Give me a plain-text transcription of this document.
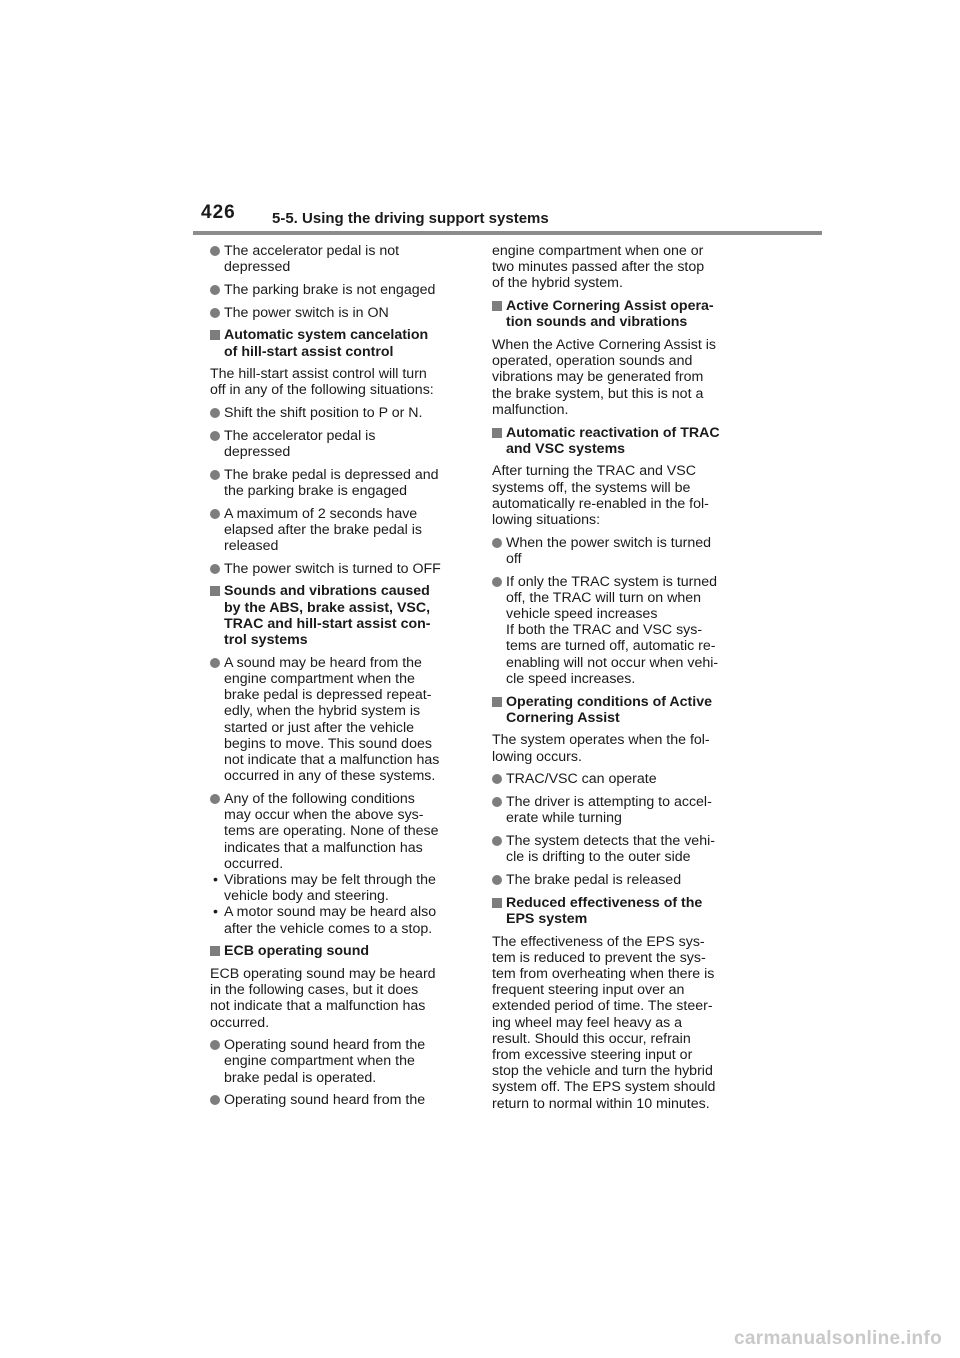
426 5-5. Using the driving support systems
The accelerator pedal is not
depressed
The parking brake is not engaged
The power switch is in ON
Automatic system cancelation
of hill-start assist control
The hill-start assist control will turn
off in any of the following situations:
Shift the shift position to P or N.
The accelerator pedal is
depressed
The brake pedal is depressed and
the parking brake is engaged
A maximum of 2 seconds have
elapsed after the brake pedal is
released
The power switch is turned to OFF
Sounds and vibrations caused
by the ABS, brake assist, VSC,
TRAC and hill-start assist con-
trol systems
A sound may be heard from the
engine compartment when the
brake pedal is depressed repeat-
edly, when the hybrid system is
started or just after the vehicle
begins to move. This sound does
not indicate that a malfunction has
occurred in any of these systems.
Any of the following conditions
may occur when the above sys-
tems are operating. None of these
indicates that a malfunction has
occurred.
• Vibrations may be felt through the
vehicle body and steering.
• A motor sound may be heard also
after the vehicle comes to a stop.
ECB operating sound
ECB operating sound may be heard
in the following cases, but it does
not indicate that a malfunction has
occurred.
Operating sound heard from the
engine compartment when the
brake pedal is operated.
Operating sound heard from the
engine compartment when one or
two minutes passed after the stop
of the hybrid system.
Active Cornering Assist opera-
tion sounds and vibrations
When the Active Cornering Assist is
operated, operation sounds and
vibrations may be generated from
the brake system, but this is not a
malfunction.
Automatic reactivation of TRAC
and VSC systems
After turning the TRAC and VSC
systems off, the systems will be
automatically re-enabled in the fol-
lowing situations:
When the power switch is turned
off
If only the TRAC system is turned
off, the TRAC will turn on when
vehicle speed increases
If both the TRAC and VSC sys-
tems are turned off, automatic re-
enabling will not occur when vehi-
cle speed increases.
Operating conditions of Active
Cornering Assist
The system operates when the fol-
lowing occurs.
TRAC/VSC can operate
The driver is attempting to accel-
erate while turning
The system detects that the vehi-
cle is drifting to the outer side
The brake pedal is released
Reduced effectiveness of the
EPS system
The effectiveness of the EPS sys-
tem is reduced to prevent the sys-
tem from overheating when there is
frequent steering input over an
extended period of time. The steer-
ing wheel may feel heavy as a
result. Should this occur, refrain
from excessive steering input or
stop the vehicle and turn the hybrid
system off. The EPS system should
return to normal within 10 minutes.
carmanualsonline.info
